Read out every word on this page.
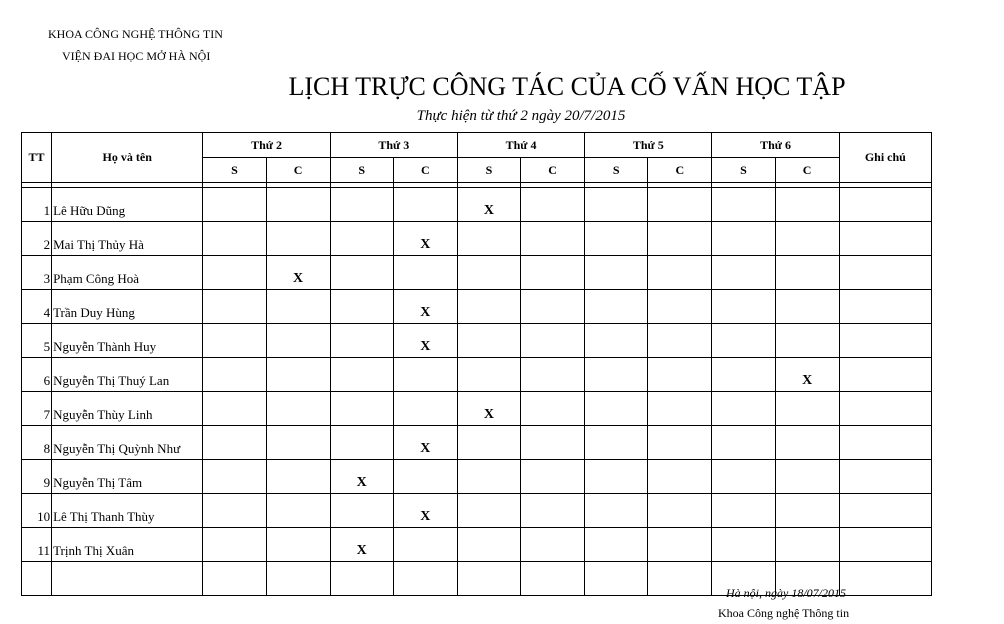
KHOA CÔNG NGHỆ THÔNG TIN
VIỆN ĐAI HỌC MỞ HÀ NỘI
LỊCH TRỰC CÔNG TÁC CỦA CỐ VẤN HỌC TẬP
Thực hiện từ thứ 2 ngày 20/7/2015
TT	Họ và tên	Thứ 2		Thứ 3		Thứ 4		Thứ 5		Thứ 6		Ghi chú
		S	C	S	C	S	C	S	C	S	C	

1	Lê Hữu Dũng					X						
2	Mai Thị Thủy Hà				X							
3	Phạm Công Hoà		X									
4	Trần Duy Hùng				X							
5	Nguyễn Thành Huy				X							
6	Nguyễn Thị Thuý Lan										X	
7	Nguyễn Thùy Linh					X						
8	Nguyễn Thị Quỳnh Như				X							
9	Nguyễn Thị Tâm			X								
10	Lê Thị Thanh Thùy				X							
11	Trịnh Thị Xuân			X								

Hà nội, ngày 18/07/2015
Khoa Công nghệ Thông tin
